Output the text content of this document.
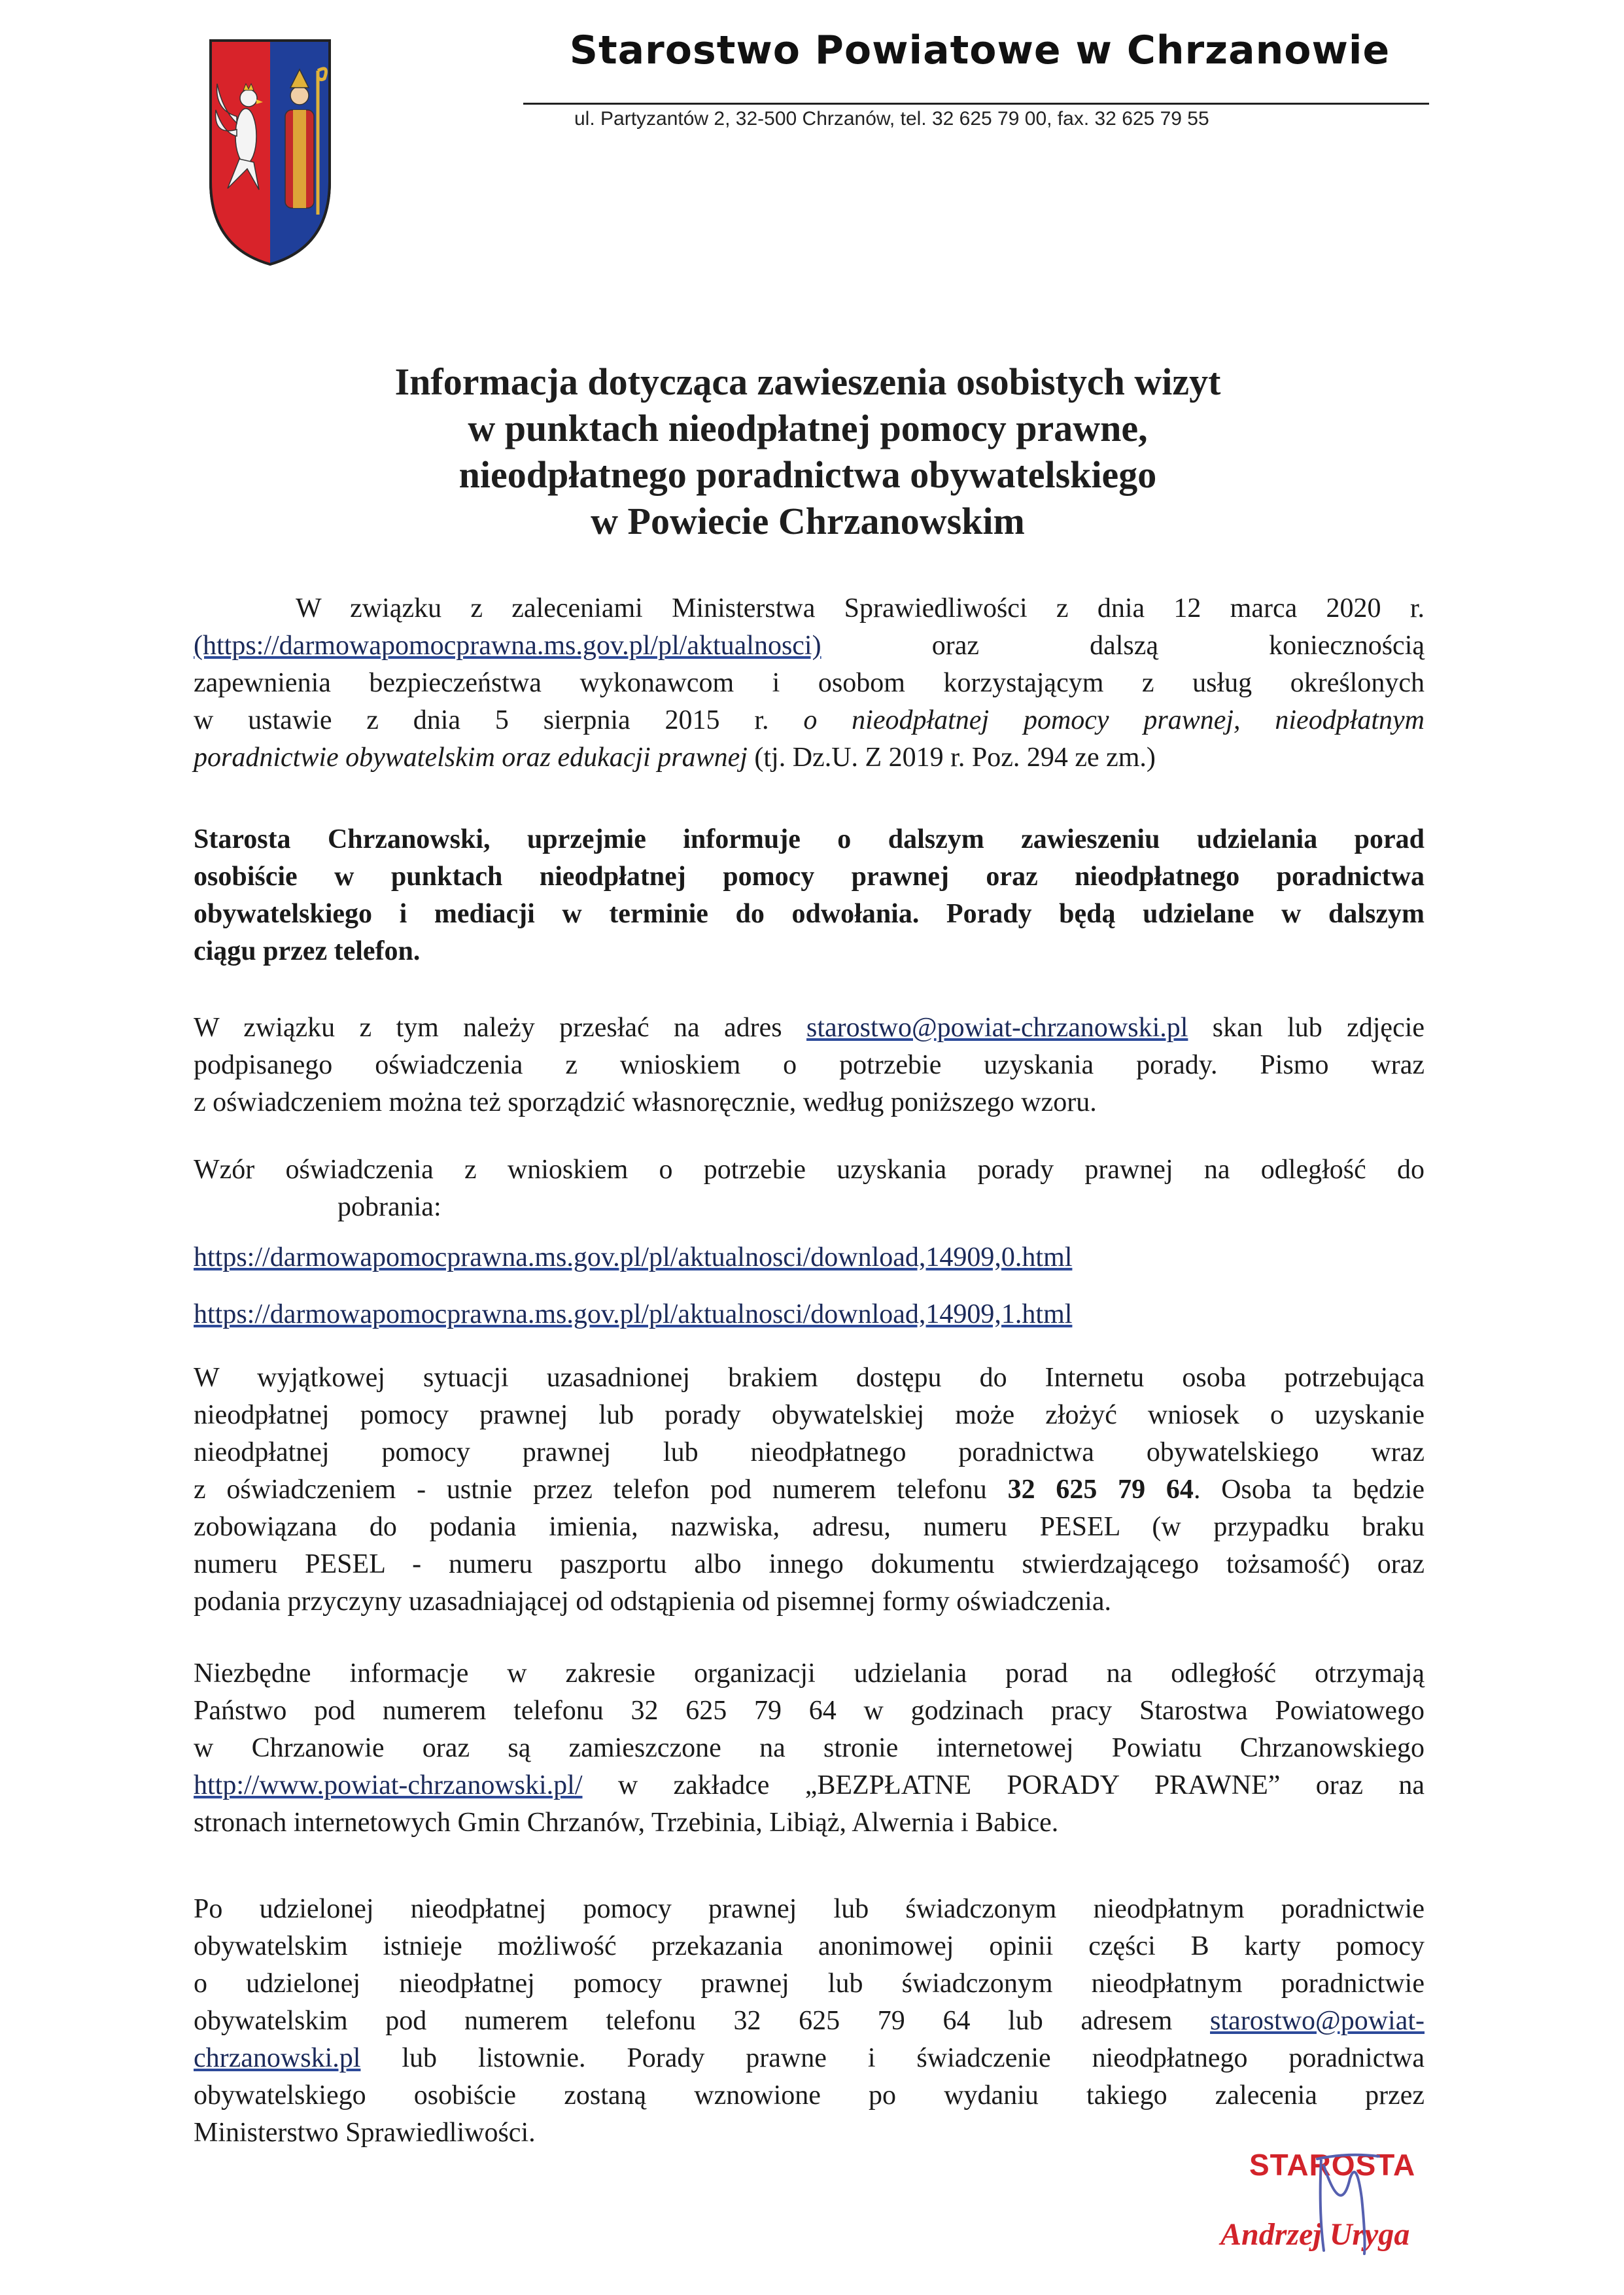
Starostwo Powiatowe w Chrzanowie
ul. Partyzantów 2, 32-500 Chrzanów, tel. 32 625 79 00, fax. 32 625 79 55
Informacja dotycząca zawieszenia osobistych wizyt
w punktach nieodpłatnej pomocy prawne,
nieodpłatnego poradnictwa obywatelskiego
w Powiecie Chrzanowskim
W związku z zaleceniami Ministerstwa Sprawiedliwości z dnia 12 marca 2020 r.
(https://darmowapomocprawna.ms.gov.pl/pl/aktualnosci)	oraz dalszą koniecznością
zapewnienia bezpieczeństwa wykonawcom i osobom korzystającym z usług określonych
w ustawie z dnia 5 sierpnia 2015 r. o nieodpłatnej pomocy prawnej, nieodpłatnym
poradnictwie obywatelskim oraz edukacji prawnej (tj. Dz.U. Z 2019 r. Poz. 294 ze zm.)
Starosta Chrzanowski, uprzejmie informuje o dalszym zawieszeniu udzielania porad
osobiście w punktach nieodpłatnej pomocy prawnej oraz nieodpłatnego poradnictwa
obywatelskiego i mediacji w terminie do odwołania. Porady będą udzielane w dalszym
ciągu przez telefon.
W związku z tym należy przesłać na adres starostwo@powiat-chrzanowski.pl skan lub zdjęcie
podpisanego oświadczenia z wnioskiem o potrzebie uzyskania porady. Pismo wraz
z oświadczeniem można też sporządzić własnoręcznie, według poniższego wzoru.
Wzór oświadczenia z wnioskiem o potrzebie uzyskania porady prawnej na odległość do
pobrania:
https://darmowapomocprawna.ms.gov.pl/pl/aktualnosci/download,14909,0.html
https://darmowapomocprawna.ms.gov.pl/pl/aktualnosci/download,14909,1.html
W wyjątkowej sytuacji uzasadnionej brakiem dostępu do Internetu osoba potrzebująca
nieodpłatnej pomocy prawnej lub porady obywatelskiej może złożyć wniosek o uzyskanie
nieodpłatnej pomocy prawnej lub nieodpłatnego poradnictwa obywatelskiego wraz
z oświadczeniem - ustnie przez telefon pod numerem telefonu 32 625 79 64. Osoba ta będzie
zobowiązana do podania imienia, nazwiska, adresu, numeru PESEL (w przypadku braku
numeru PESEL - numeru paszportu albo innego dokumentu stwierdzającego tożsamość) oraz
podania przyczyny uzasadniającej od odstąpienia od pisemnej formy oświadczenia.
Niezbędne informacje w zakresie organizacji udzielania porad na odległość otrzymają
Państwo pod numerem telefonu 32 625 79 64 w godzinach pracy Starostwa Powiatowego
w Chrzanowie oraz są zamieszczone na stronie internetowej Powiatu Chrzanowskiego
http://www.powiat-chrzanowski.pl/ w zakładce „BEZPŁATNE PORADY PRAWNE” oraz na
stronach internetowych Gmin Chrzanów, Trzebinia, Libiąż, Alwernia i Babice.
Po udzielonej nieodpłatnej pomocy prawnej lub świadczonym nieodpłatnym poradnictwie
obywatelskim istnieje możliwość przekazania anonimowej opinii części B karty pomocy
o udzielonej nieodpłatnej pomocy prawnej lub świadczonym nieodpłatnym poradnictwie
obywatelskim pod numerem telefonu 32 625 79 64 lub adresem starostwo@powiat-
chrzanowski.pl lub listownie. Porady prawne i świadczenie nieodpłatnego poradnictwa
obywatelskiego osobiście zostaną wznowione po wydaniu takiego zalecenia przez
Ministerstwo Sprawiedliwości.
STAROSTA
Andrzej Uryga
